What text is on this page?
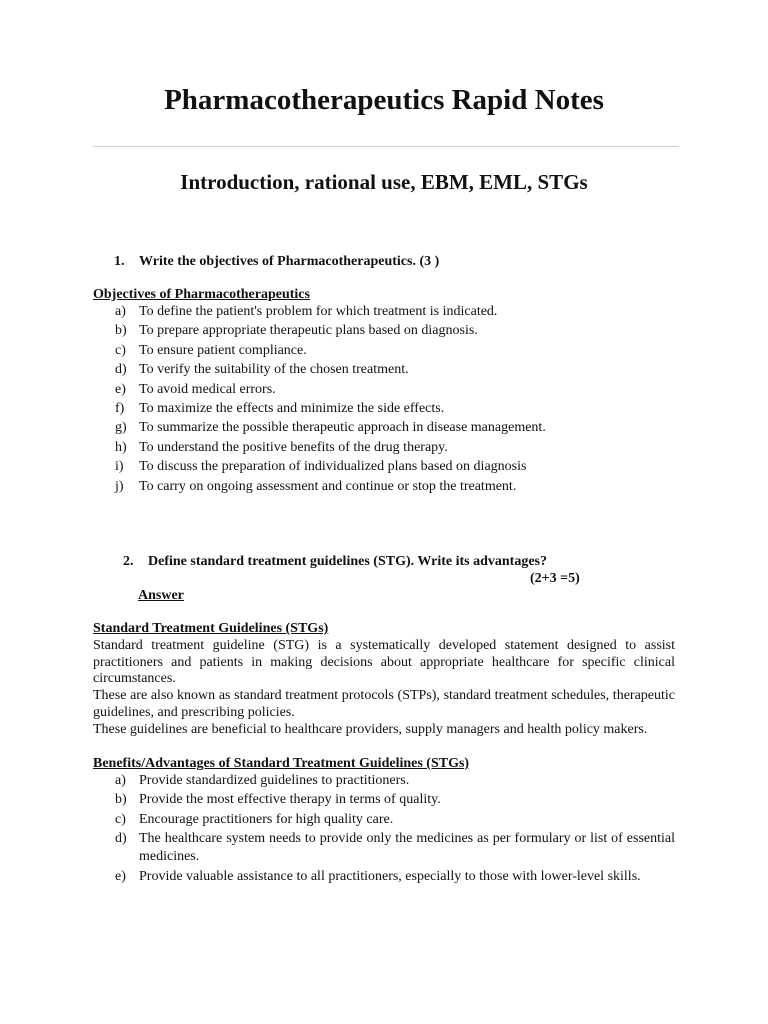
Pharmacotherapeutics Rapid Notes
Introduction, rational use, EBM, EML, STGs
1. Write the objectives of Pharmacotherapeutics. (3 )
Objectives of Pharmacotherapeutics
a) To define the patient's problem for which treatment is indicated.
b) To prepare appropriate therapeutic plans based on diagnosis.
c) To ensure patient compliance.
d) To verify the suitability of the chosen treatment.
e) To avoid medical errors.
f)	To maximize the effects and minimize the side effects.
g) To summarize the possible therapeutic approach in disease management.
h) To understand the positive benefits of the drug therapy.
i)	To discuss the preparation of individualized plans based on diagnosis
j)	To carry on ongoing assessment and continue or stop the treatment.
2. Define standard treatment guidelines (STG). Write its advantages?
(2+3 =5)
Answer
Standard Treatment Guidelines (STGs)

Standard treatment guideline (STG) is a systematically developed statement designed to assist practitioners and patients in making decisions about appropriate healthcare for specific clinical circumstances.

These are also known as standard treatment protocols (STPs), standard treatment schedules, therapeutic guidelines, and prescribing policies.

These guidelines are beneficial to healthcare providers, supply managers and health policy makers.

Benefits/Advantages of Standard Treatment Guidelines (STGs)
a) Provide standardized guidelines to practitioners.
b) Provide the most effective therapy in terms of quality.
c) Encourage practitioners for high quality care.
d) The healthcare system needs to provide only the medicines as per formulary or list of essential medicines.
e) Provide valuable assistance to all practitioners, especially to those with lower-level skills.
